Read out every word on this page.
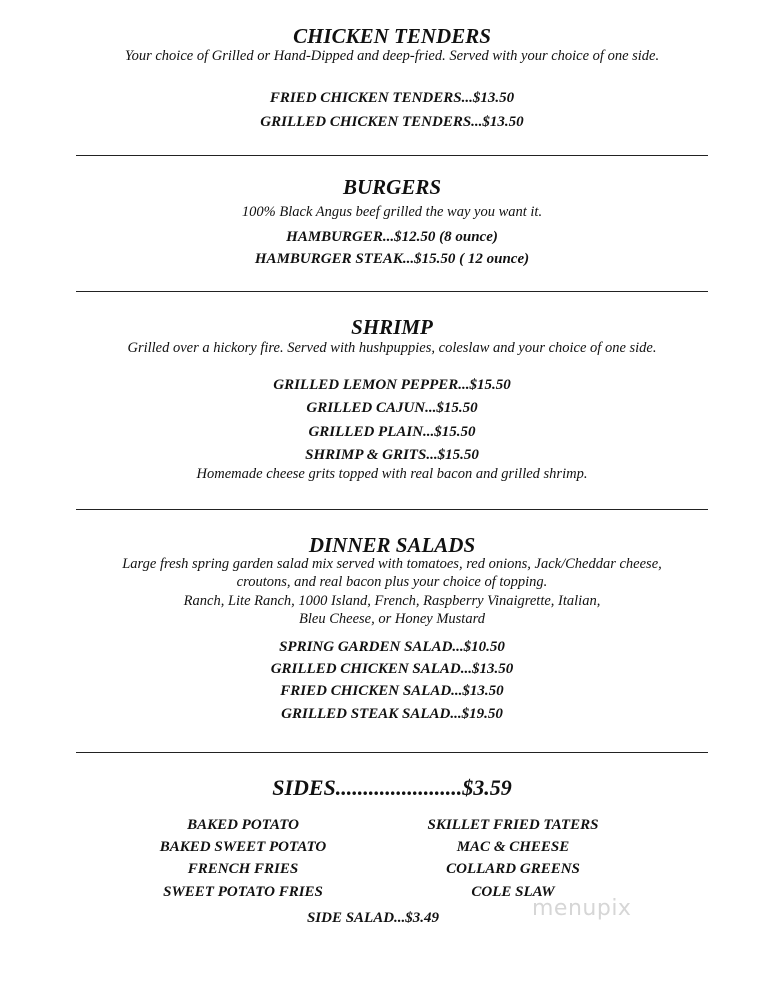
CHICKEN TENDERS
Your choice of Grilled or Hand-Dipped and deep-fried. Served with your choice of one side.
FRIED CHICKEN TENDERS...$13.50
GRILLED CHICKEN TENDERS...$13.50
BURGERS
100% Black Angus beef grilled the way you want it.
HAMBURGER...$12.50 (8 ounce)
HAMBURGER STEAK...$15.50 ( 12 ounce)
SHRIMP
Grilled over a hickory fire. Served with hushpuppies, coleslaw and your choice of one side.
GRILLED LEMON PEPPER...$15.50
GRILLED CAJUN...$15.50
GRILLED PLAIN...$15.50
SHRIMP & GRITS...$15.50
Homemade cheese grits topped with real bacon and grilled shrimp.
DINNER SALADS
Large fresh spring garden salad mix served with tomatoes, red onions, Jack/Cheddar cheese,
croutons, and real bacon plus your choice of topping.
Ranch, Lite Ranch, 1000 Island, French, Raspberry Vinaigrette, Italian,
Bleu Cheese, or Honey Mustard
SPRING GARDEN SALAD...$10.50
GRILLED CHICKEN SALAD...$13.50
FRIED CHICKEN SALAD...$13.50
GRILLED STEAK SALAD...$19.50
SIDES.......................$3.59
BAKED POTATO
BAKED SWEET POTATO
FRENCH FRIES
SWEET POTATO FRIES
SKILLET FRIED TATERS
MAC & CHEESE
COLLARD GREENS
COLE SLAW
SIDE SALAD...$3.49	menupix
